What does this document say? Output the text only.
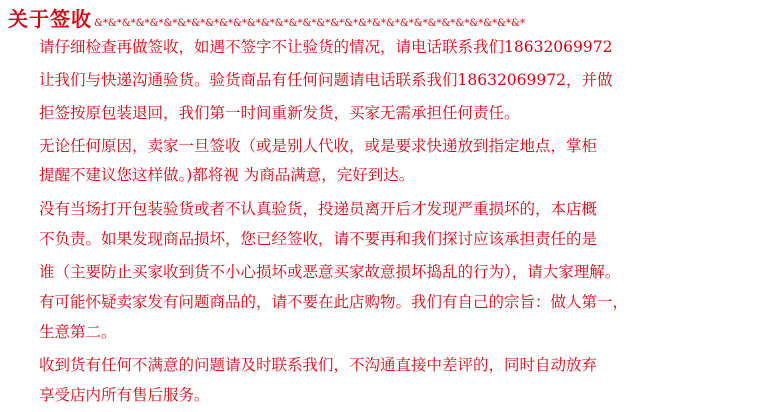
关于签收 &*&*&*&*&*&*&*&*&*&*&*&*&*&*&*&*&*&*&*&*&*&*&*&*&*&*&*&*&*&*&*
请仔细检查再做签收，如遇不签字不让验货的情况，请电话联系我们18632069972
让我们与快递沟通验货。验货商品有任何问题请电话联系我们18632069972，并做
拒签按原包装退回，我们第一时间重新发货，买家无需承担任何责任。
无论任何原因，卖家一旦签收（或是别人代收，或是要求快递放到指定地点，掌柜
提醒不建议您这样做。)都将视 为商品满意，完好到达。
没有当场打开包装验货或者不认真验货，投递员离开后才发现严重损坏的，本店概
不负责。如果发现商品损坏，您已经签收，请不要再和我们探讨应该承担责任的是
谁（主要防止买家收到货不小心损坏或恶意买家故意损坏捣乱的行为），请大家理解。
有可能怀疑卖家发有问题商品的，请不要在此店购物。我们有自己的宗旨：做人第一，
生意第二。
收到货有任何不满意的问题请及时联系我们，不沟通直接中差评的，同时自动放弃
享受店内所有售后服务。
